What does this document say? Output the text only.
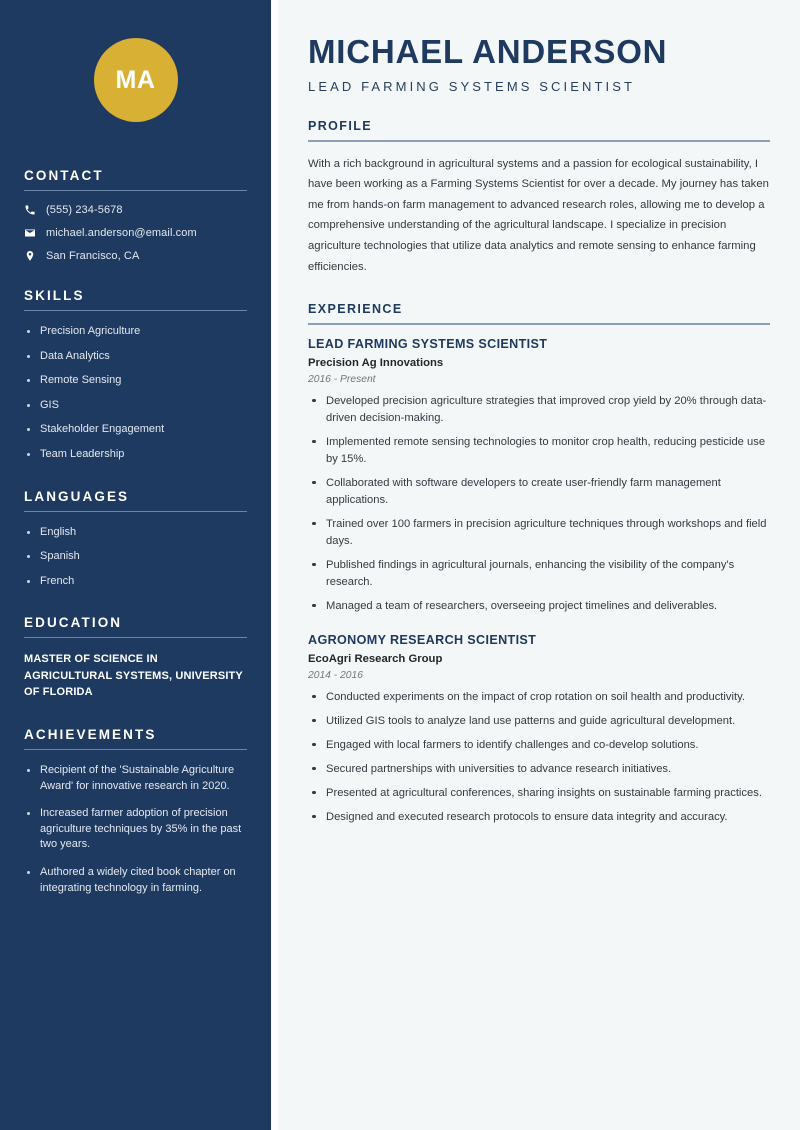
MA
CONTACT
(555) 234-5678
michael.anderson@email.com
San Francisco, CA
SKILLS
Precision Agriculture
Data Analytics
Remote Sensing
GIS
Stakeholder Engagement
Team Leadership
LANGUAGES
English
Spanish
French
EDUCATION
MASTER OF SCIENCE IN AGRICULTURAL SYSTEMS, UNIVERSITY OF FLORIDA
ACHIEVEMENTS
Recipient of the 'Sustainable Agriculture Award' for innovative research in 2020.
Increased farmer adoption of precision agriculture techniques by 35% in the past two years.
Authored a widely cited book chapter on integrating technology in farming.
MICHAEL ANDERSON
LEAD FARMING SYSTEMS SCIENTIST
PROFILE

With a rich background in agricultural systems and a passion for ecological sustainability, I have been working as a Farming Systems Scientist for over a decade. My journey has taken me from hands-on farm management to advanced research roles, allowing me to develop a comprehensive understanding of the agricultural landscape. I specialize in precision agriculture technologies that utilize data analytics and remote sensing to enhance farming efficiencies.

EXPERIENCE
LEAD FARMING SYSTEMS SCIENTIST
Precision Ag Innovations
2016 - Present
Developed precision agriculture strategies that improved crop yield by 20% through data-driven decision-making.
Implemented remote sensing technologies to monitor crop health, reducing pesticide use by 15%.
Collaborated with software developers to create user-friendly farm management applications.
Trained over 100 farmers in precision agriculture techniques through workshops and field days.
Published findings in agricultural journals, enhancing the visibility of the company's research.
Managed a team of researchers, overseeing project timelines and deliverables.
AGRONOMY RESEARCH SCIENTIST
EcoAgri Research Group
2014 - 2016
Conducted experiments on the impact of crop rotation on soil health and productivity.
Utilized GIS tools to analyze land use patterns and guide agricultural development.
Engaged with local farmers to identify challenges and co-develop solutions.
Secured partnerships with universities to advance research initiatives.
Presented at agricultural conferences, sharing insights on sustainable farming practices.
Designed and executed research protocols to ensure data integrity and accuracy.
